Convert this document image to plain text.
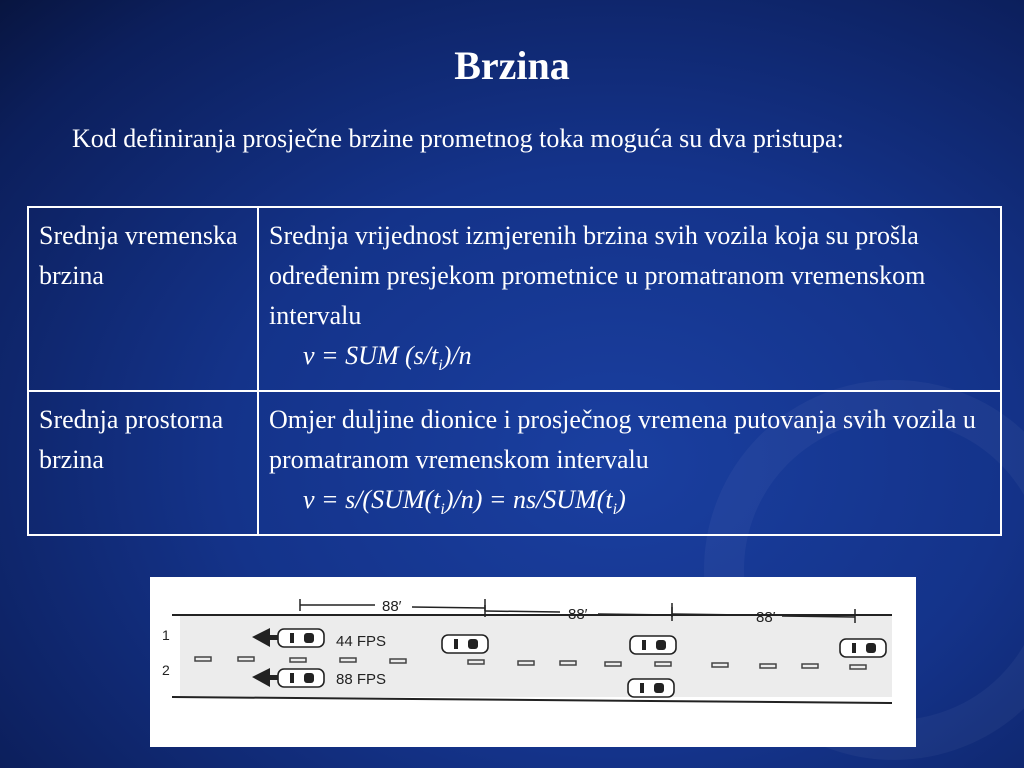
Brzina
Kod definiranja prosječne brzine prometnog toka moguća su dva pristupa:
Srednja vremenska brzina	Srednja vrijednost izmjerenih brzina svih vozila koja su prošla određenim presjekom prometnice u promatranom vremenskom intervalu
v = SUM $(s/t_i)/n$

Srednja prostorna brzina	Omjer duljine dionice i prosječnog vremena putovanja svih vozila u promatranom vremenskom intervalu
$v = s/(SUM(t_i)/n) = ns/SUM(t_i)$
88′	88′	88′
1
2
44 FPS
88 FPS
